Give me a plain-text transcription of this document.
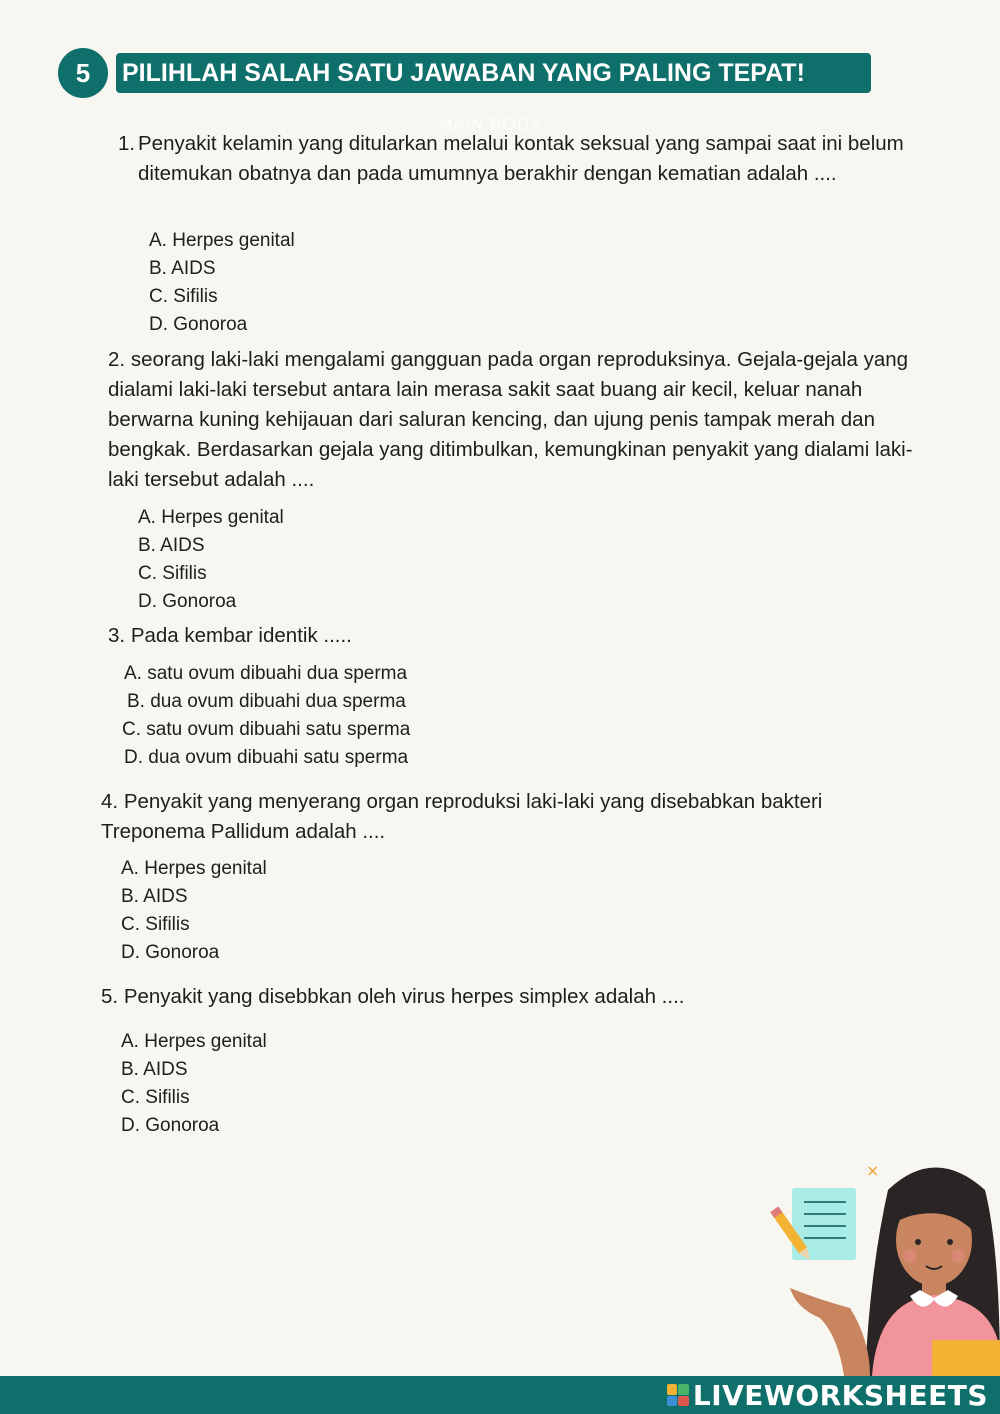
5	PILIHLAH SALAH SATU JAWABAN YANG PALING TEPAT!
MAIN BODY
1. Penyakit kelamin yang ditularkan melalui kontak seksual yang sampai saat ini belum ditemukan obatnya dan pada umumnya berakhir dengan kematian adalah ....
A. Herpes genital
B. AIDS
C. Sifilis
D. Gonoroa
2. seorang laki-laki mengalami gangguan pada organ reproduksinya. Gejala-gejala yang dialami laki-laki tersebut antara lain merasa sakit saat buang air kecil, keluar nanah berwarna kuning kehijauan dari saluran kencing, dan ujung penis tampak merah dan bengkak. Berdasarkan gejala yang ditimbulkan, kemungkinan penyakit yang dialami laki-laki tersebut adalah ....
A. Herpes genital
B. AIDS
C. Sifilis
D. Gonoroa
3. Pada kembar identik .....
A. satu ovum dibuahi dua sperma
B. dua ovum dibuahi dua sperma
C. satu ovum dibuahi satu sperma
D. dua ovum dibuahi satu sperma
4. Penyakit yang menyerang organ reproduksi laki-laki yang disebabkan bakteri Treponema Pallidum adalah ....
A. Herpes genital
B. AIDS
C. Sifilis
D. Gonoroa
5. Penyakit yang disebbkan oleh virus herpes simplex adalah ....
A. Herpes genital
B. AIDS
C. Sifilis
D. Gonoroa
×
LIVEWORKSHEETS
